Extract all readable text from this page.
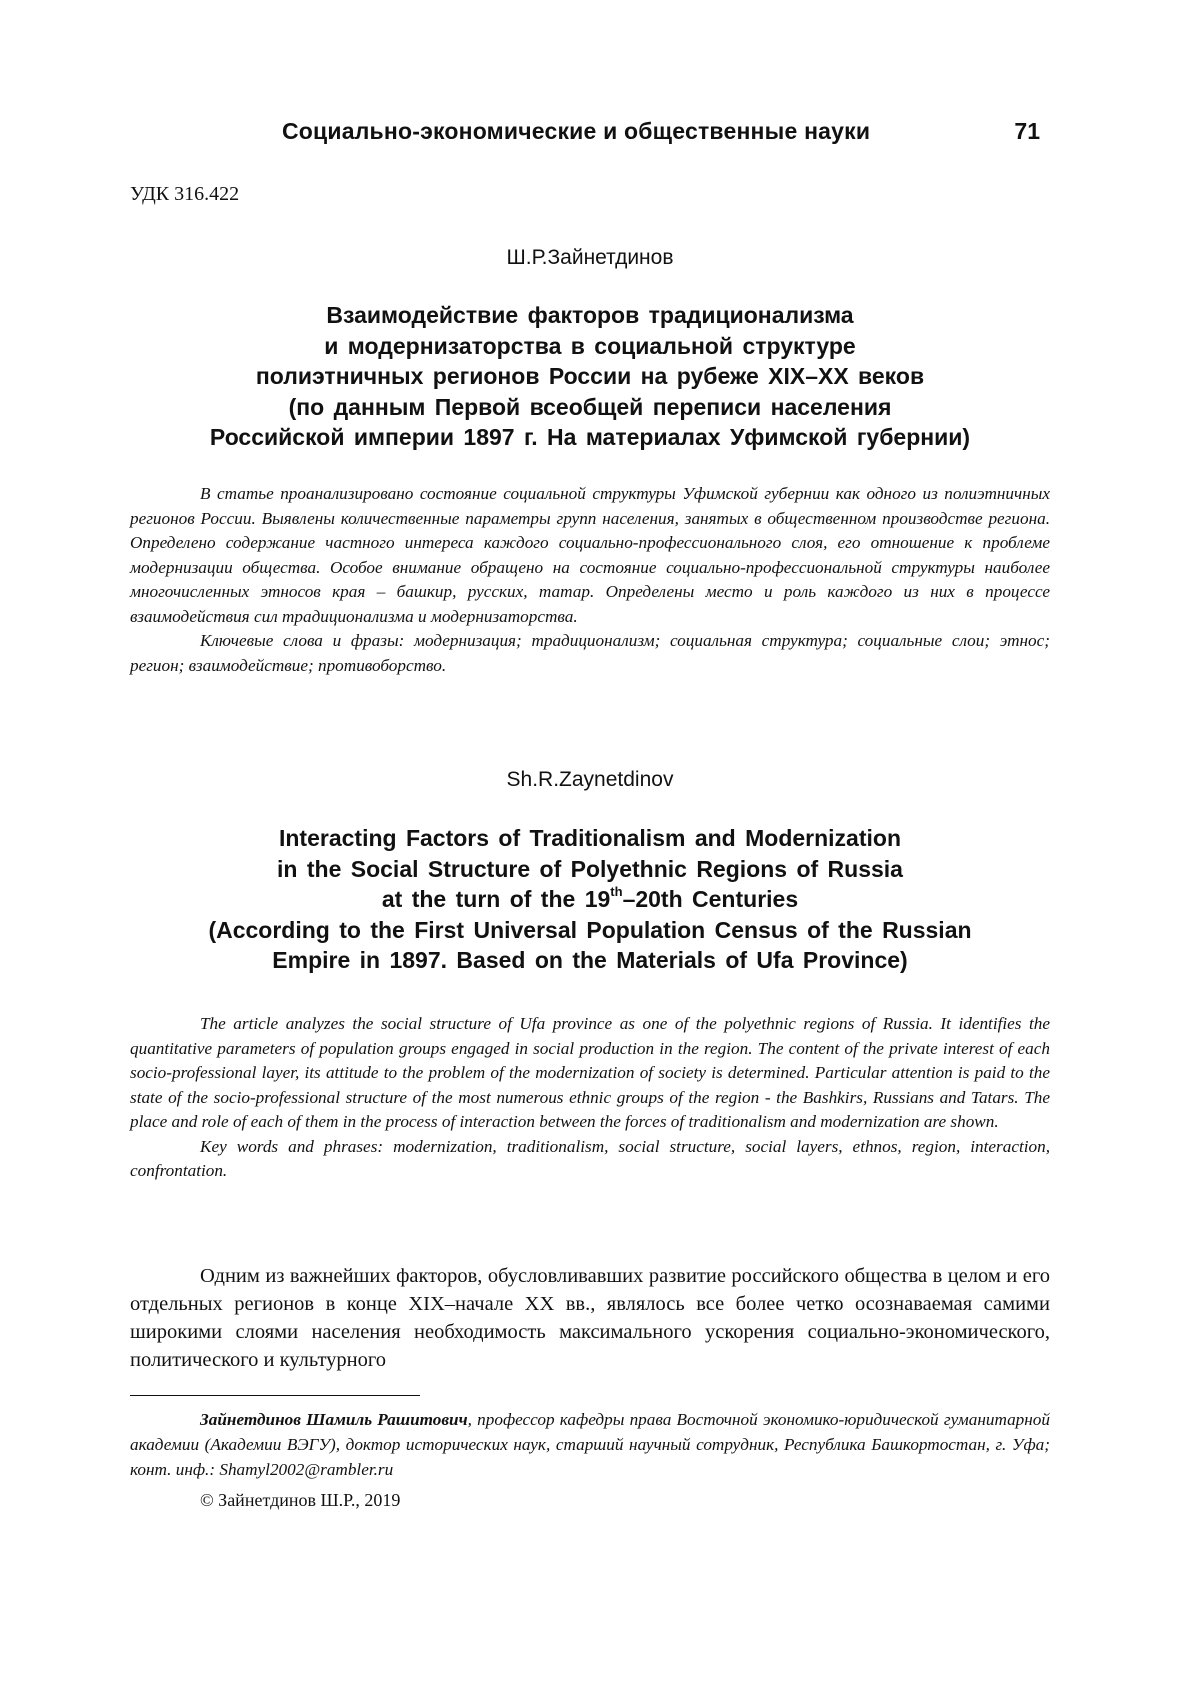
Социально-экономические и общественные науки	71
УДК 316.422
Ш.Р.Зайнетдинов
Взаимодействие факторов традиционализма
и модернизаторства в социальной структуре
полиэтничных регионов России на рубеже XIX–XX веков
(по данным Первой всеобщей переписи населения
Российской империи 1897 г. На материалах Уфимской губернии)

В статье проанализировано состояние социальной структуры Уфимской губернии как одного из полиэтничных регионов России. Выявлены количественные параметры групп населения, занятых в общественном производстве региона. Определено содержание частного интереса каждого социально-профессионального слоя, его отношение к проблеме модернизации общества. Особое внимание обращено на состояние социально-профессиональной структуры наиболее многочисленных этносов края – башкир, русских, татар. Определены место и роль каждого из них в процессе взаимодействия сил традиционализма и модернизаторства.

Ключевые слова и фразы: модернизация; традиционализм; социальная структура; социальные слои; этнос; регион; взаимодействие; противоборство.

Sh.R.Zaynetdinov
Interacting Factors of Traditionalism and Modernization
in the Social Structure of Polyethnic Regions of Russia
at the turn of the 19th–20th Centuries
(According to the First Universal Population Census of the Russian
Empire in 1897. Based on the Materials of Ufa Province)

The article analyzes the social structure of Ufa province as one of the polyethnic regions of Russia. It identifies the quantitative parameters of population groups engaged in social production in the region. The content of the private interest of each socio-professional layer, its attitude to the problem of the modernization of society is determined. Particular attention is paid to the state of the socio-professional structure of the most numerous ethnic groups of the region - the Bashkirs, Russians and Tatars. The place and role of each of them in the process of interaction between the forces of traditionalism and modernization are shown.

Key words and phrases: modernization, traditionalism, social structure, social layers, ethnos, region, interaction, confrontation.

Одним из важнейших факторов, обусловливавших развитие российского общества в целом и его отдельных регионов в конце XIX–начале XX вв., являлось все более четко осознаваемая самими широкими слоями населения необходимость максимального ускорения социально-экономического, политического и культурного

Зайнетдинов Шамиль Рашитович, профессор кафедры права Восточной экономико-юридической гуманитарной академии (Академии ВЭГУ), доктор исторических наук, старший научный сотрудник, Республика Башкортостан, г. Уфа; конт. инф.: Shamyl2002@rambler.ru

© Зайнетдинов Ш.Р., 2019
